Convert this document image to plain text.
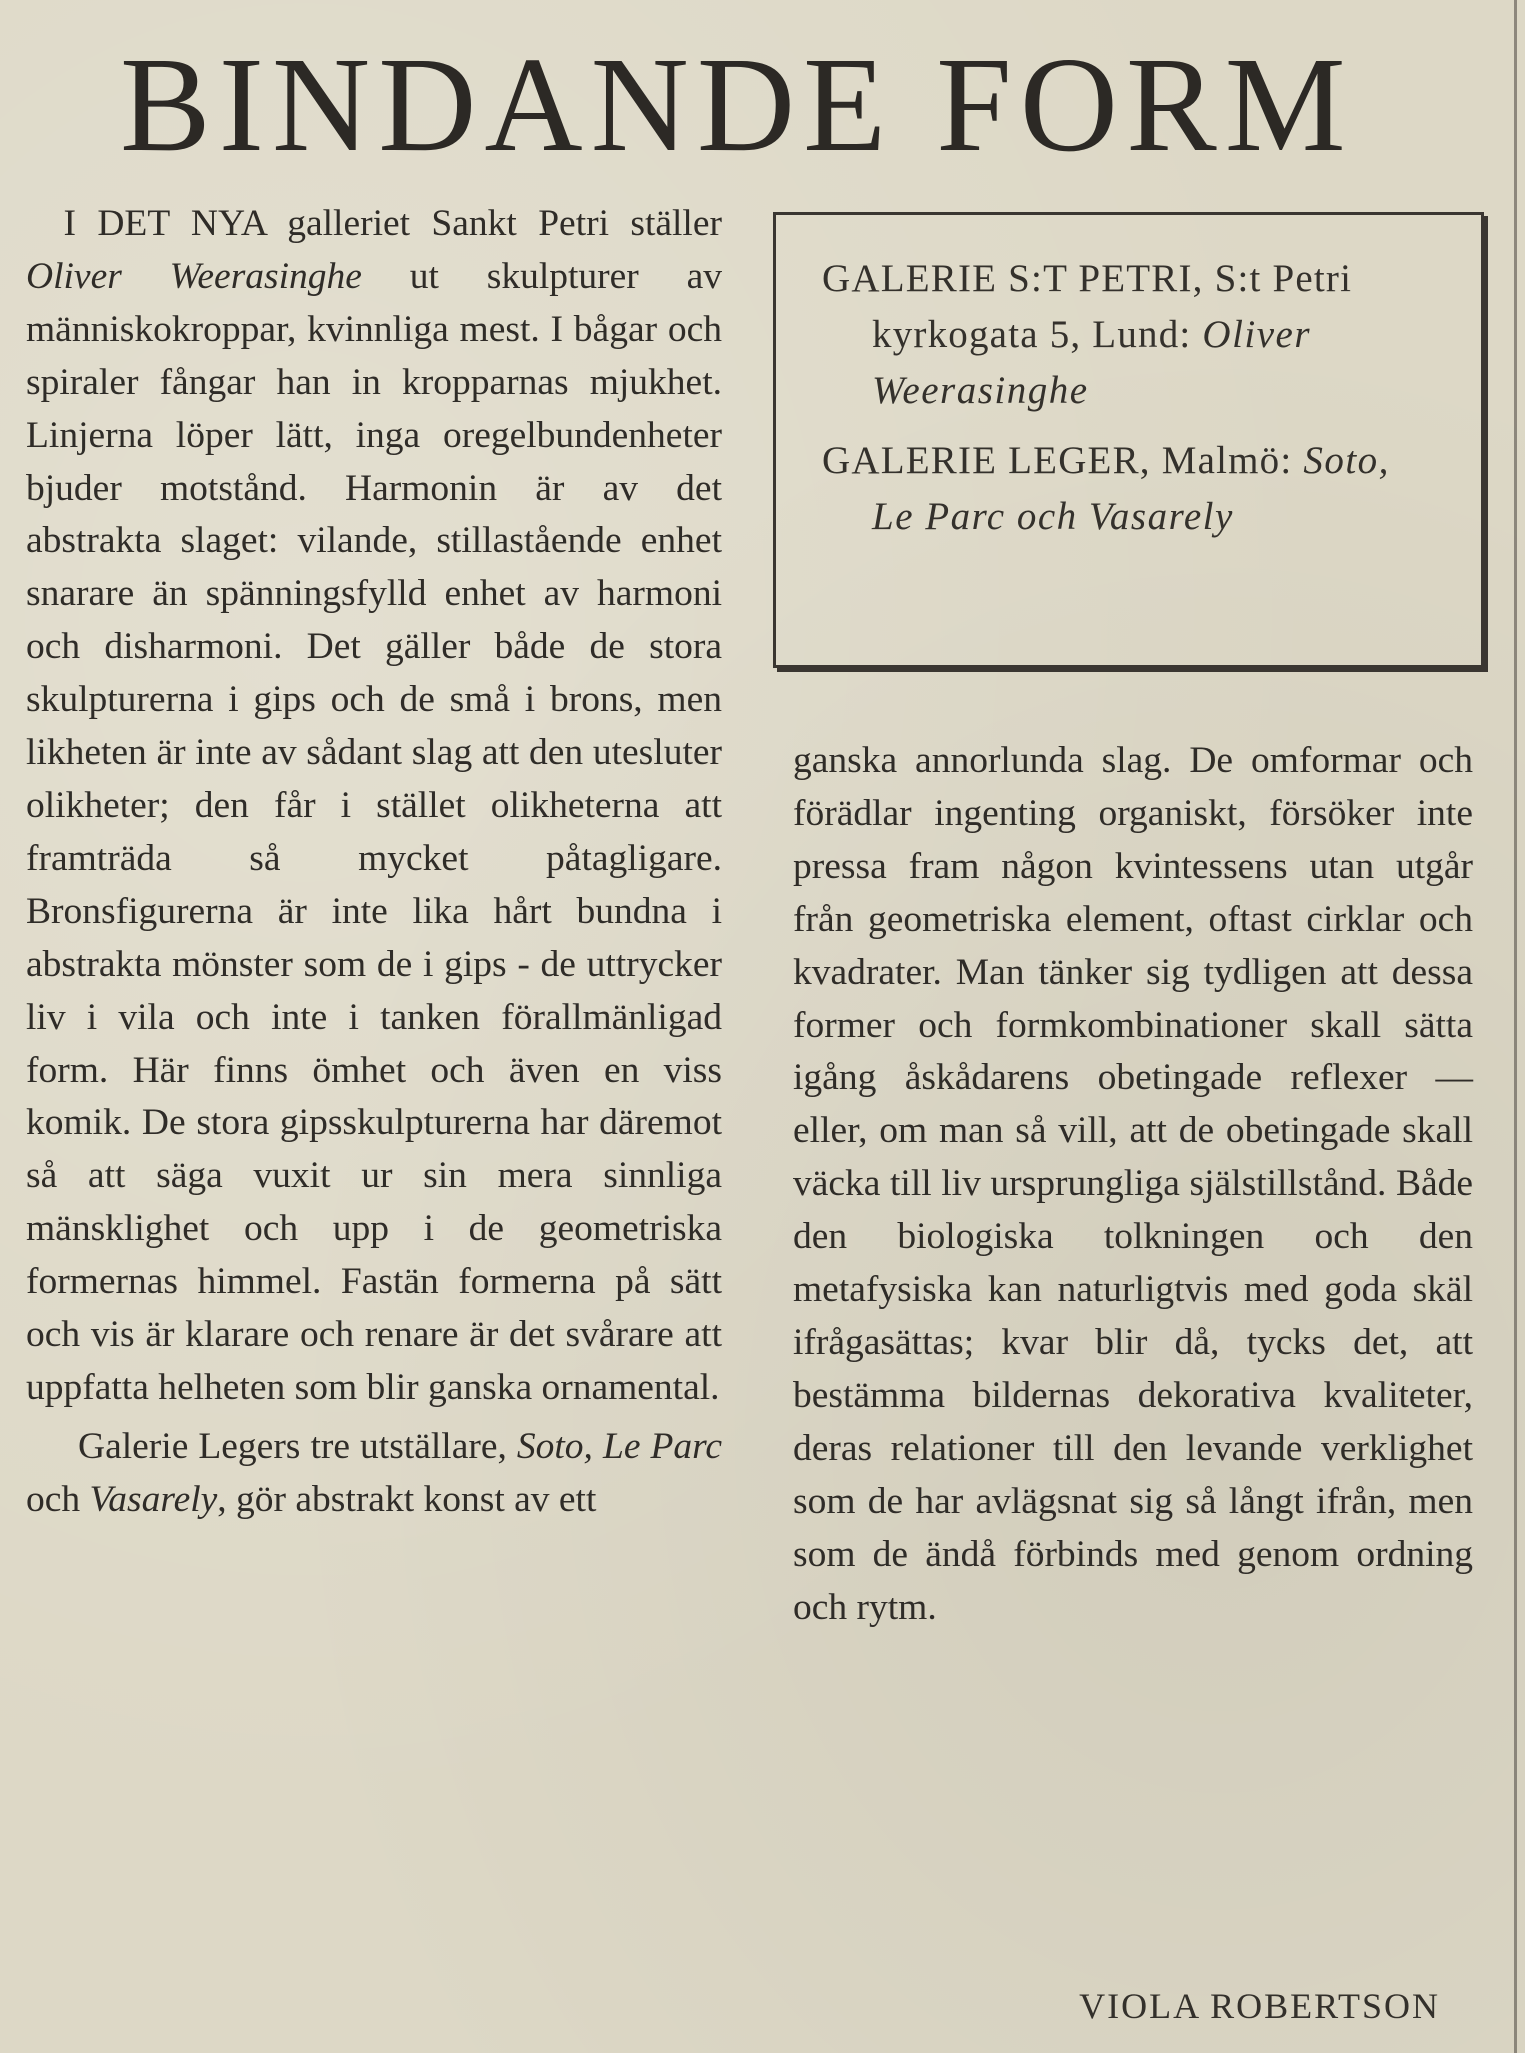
BINDANDE FORM

  I DET NYA galleriet Sankt Petri ställer Oliver Weerasinghe ut skulpturer av människokroppar, kvinnliga mest. I bågar och spiraler fångar han in kropparnas mjukhet. Linjerna löper lätt, inga oregelbundenheter bjuder motstånd. Harmonin är av det abstrakta slaget: vilande, stillastående enhet snarare än spänningsfylld enhet av harmoni och disharmoni. Det gäller både de stora skulpturerna i gips och de små i brons, men likheten är inte av sådant slag att den utesluter olikheter; den får i stället olikheterna att framträda så mycket påtagligare. Bronsfigurerna är inte lika hårt bundna i abstrakta mönster som de i gips - de uttrycker liv i vila och inte i tanken förallmänligad form. Här finns ömhet och även en viss komik. De stora gipsskulpturerna har däremot så att säga vuxit ur sin mera sinnliga mänsklighet och upp i de geometriska formernas himmel. Fastän formerna på sätt och vis är klarare och renare är det svårare att uppfatta helheten som blir ganska ornamental.

Galerie Legers tre utställare, Soto, Le Parc och Vasarely, gör abstrakt konst av ett

GALERIE S:T PETRI, S:t Petri kyrkogata 5, Lund: Oliver Weerasinghe

GALERIE LEGER, Malmö: Soto, Le Parc och Vasarely

ganska annorlunda slag. De omformar och förädlar ingenting organiskt, försöker inte pressa fram någon kvintessens utan utgår från geometriska element, oftast cirklar och kvadrater. Man tänker sig tydligen att dessa former och formkombinationer skall sätta igång åskådarens obetingade reflexer — eller, om man så vill, att de obetingade skall väcka till liv ursprungliga själstillstånd. Både den biologiska tolkningen och den metafysiska kan naturligtvis med goda skäl ifrågasättas; kvar blir då, tycks det, att bestämma bildernas dekorativa kvaliteter, deras relationer till den levande verklighet som de har avlägsnat sig så långt ifrån, men som de ändå förbinds med genom ordning och rytm.

VIOLA ROBERTSON
